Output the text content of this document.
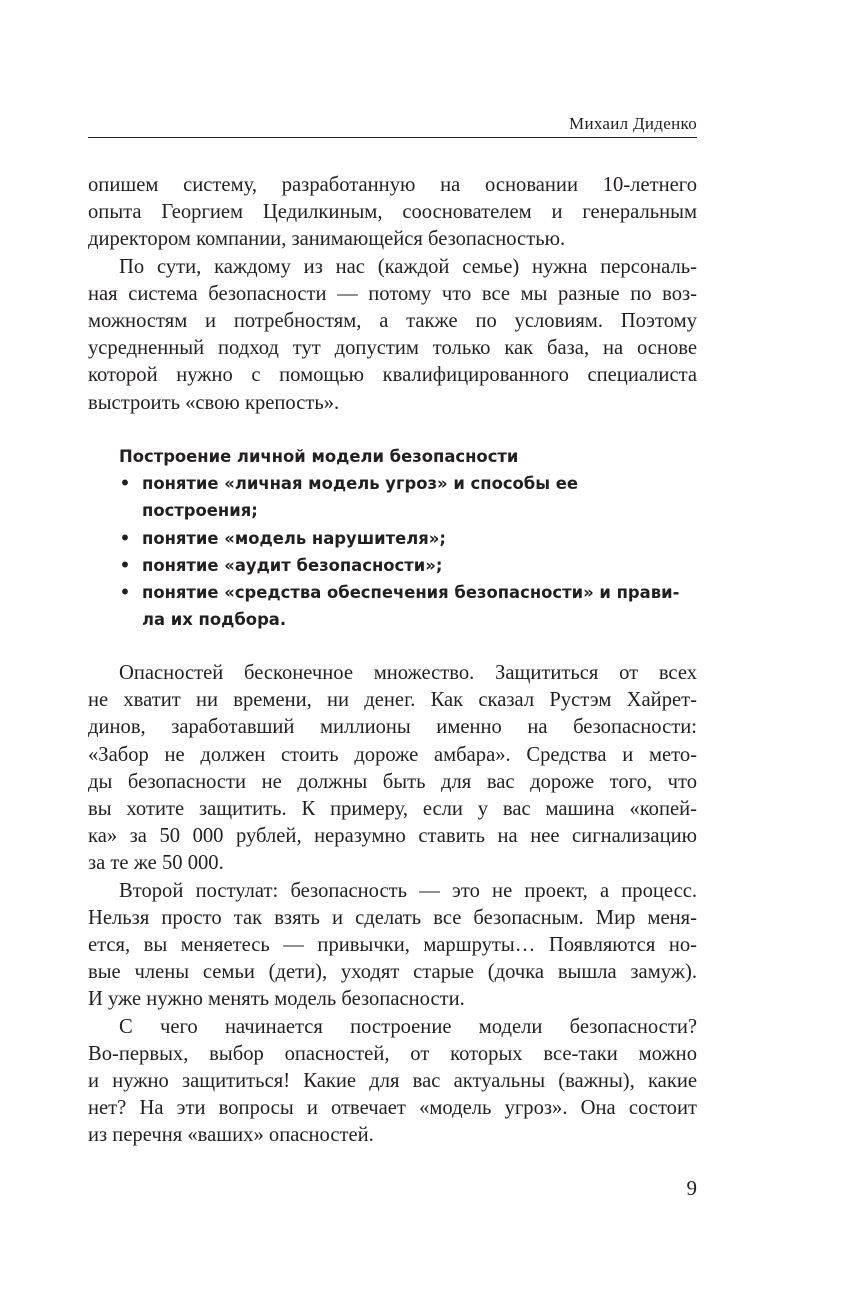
Михаил Диденко
опишем систему, разработанную на основании 10-летнего
опыта Георгием Цедилкиным, сооснователем и генеральным
директором компании, занимающейся безопасностью.
По сути, каждому из нас (каждой семье) нужна персональ-
ная система безопасности — потому что все мы разные по воз-
можностям и потребностям, а также по условиям. Поэтому
усредненный подход тут допустим только как база, на основе
которой нужно с помощью квалифицированного специалиста
выстроить «свою крепость».
Построение личной модели безопасности
• понятие «личная модель угроз» и способы ее
построения;
• понятие «модель нарушителя»;
• понятие «аудит безопасности»;
• понятие «средства обеспечения безопасности» и прави-
ла их подбора.
Опасностей бесконечное множество. Защититься от всех
не хватит ни времени, ни денег. Как сказал Рустэм Хайрет-
динов, заработавший миллионы именно на безопасности:
«Забор не должен стоить дороже амбара». Средства и мето-
ды безопасности не должны быть для вас дороже того, что
вы хотите защитить. К примеру, если у вас машина «копей-
ка» за 50 000 рублей, неразумно ставить на нее сигнализацию
за те же 50 000.
Второй постулат: безопасность — это не проект, а процесс.
Нельзя просто так взять и сделать все безопасным. Мир меня-
ется, вы меняетесь — привычки, маршруты… Появляются но-
вые члены семьи (дети), уходят старые (дочка вышла замуж).
И уже нужно менять модель безопасности.
С чего начинается построение модели безопасности?
Во-первых, выбор опасностей, от которых все-таки можно
и нужно защититься! Какие для вас актуальны (важны), какие
нет? На эти вопросы и отвечает «модель угроз». Она состоит
из перечня «ваших» опасностей.
9
